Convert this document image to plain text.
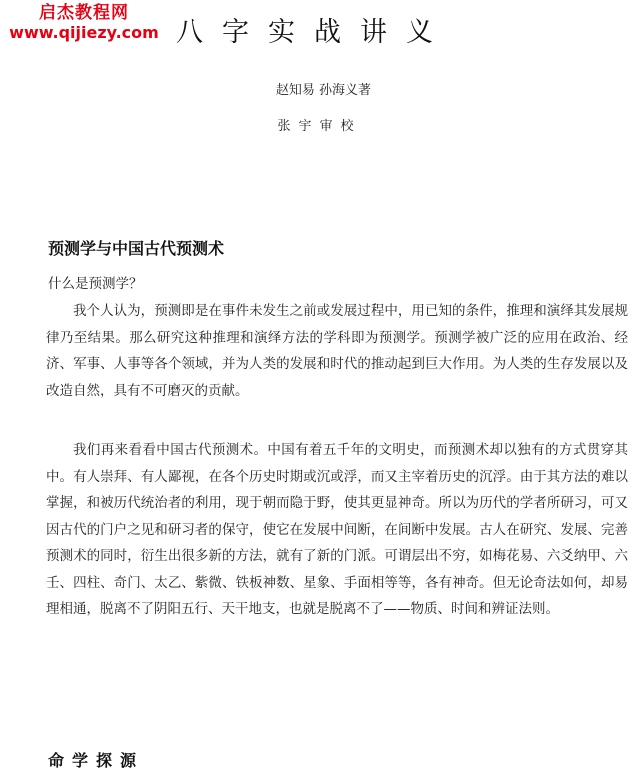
启杰教程网
www.qijiezy.com 八字实战讲义
赵知易 孙海义著
张宇审校
预测学与中国古代预测术
什么是预测学？

我个人认为，预测即是在事件未发生之前或发展过程中，用已知的条件，推理和演绎其发展规律乃至结果。那么研究这种推理和演绎方法的学科即为预测学。预测学被广泛的应用在政治、经济、军事、人事等各个领域，并为人类的发展和时代的推动起到巨大作用。为人类的生存发展以及改造自然，具有不可磨灭的贡献。

我们再来看看中国古代预测术。中国有着五千年的文明史，而预测术却以独有的方式贯穿其中。有人崇拜、有人鄙视，在各个历史时期或沉或浮，而又主宰着历史的沉浮。由于其方法的难以掌握，和被历代统治者的利用，现于朝而隐于野，使其更显神奇。所以为历代的学者所研习，可又因古代的门户之见和研习者的保守，使它在发展中间断，在间断中发展。古人在研究、发展、完善预测术的同时，衍生出很多新的方法，就有了新的门派。可谓层出不穷，如梅花易、六爻纳甲、六壬、四柱、奇门、太乙、紫微、铁板神数、星象、手面相等等，各有神奇。但无论奇法如何，却易理相通，脱离不了阴阳五行、天干地支，也就是脱离不了——物质、时间和辨证法则。

命学探源
